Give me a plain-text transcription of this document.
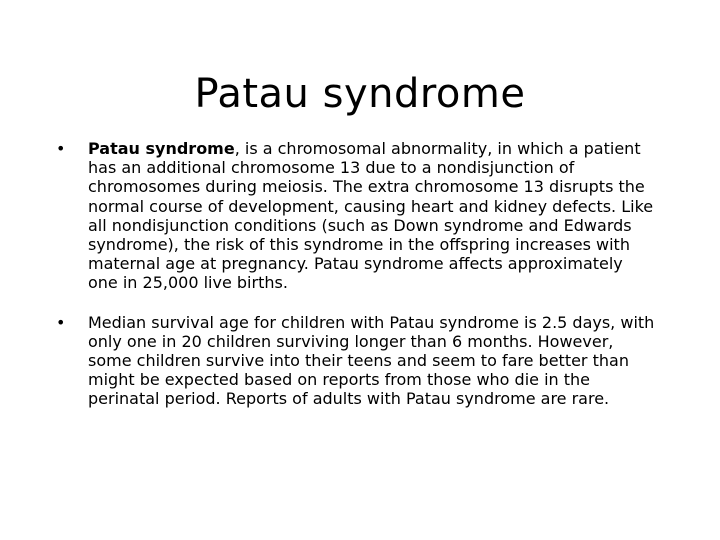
Patau syndrome
•	Patau syndrome, is a chromosomal abnormality, in which a patient has an additional chromosome 13 due to a nondisjunction of chromosomes during meiosis. The extra chromosome 13 disrupts the normal course of development, causing heart and kidney defects. Like all nondisjunction conditions (such as Down syndrome and Edwards syndrome), the risk of this syndrome in the offspring increases with maternal age at pregnancy. Patau syndrome affects approximately one in 25,000 live births.
•	Median survival age for children with Patau syndrome is 2.5 days, with only one in 20 children surviving longer than 6 months. However, some children survive into their teens and seem to fare better than might be expected based on reports from those who die in the perinatal period. Reports of adults with Patau syndrome are rare.
